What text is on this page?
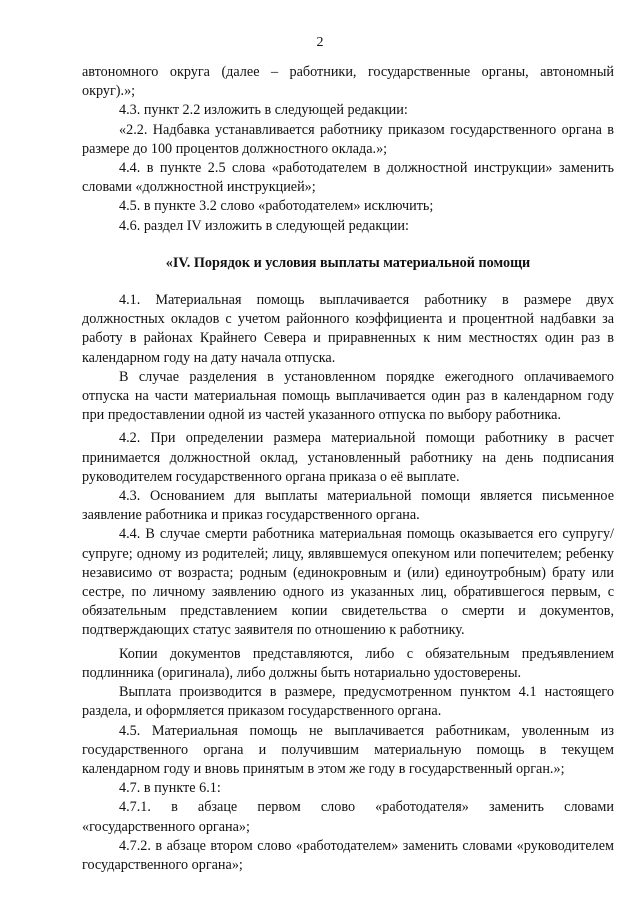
2

автономного округа (далее – работники, государственные органы, автономный округ).»;

4.3. пункт 2.2 изложить в следующей редакции:

«2.2. Надбавка устанавливается работнику приказом государственного органа в размере до 100 процентов должностного оклада.»;

4.4. в пункте 2.5 слова «работодателем в должностной инструкции» заменить словами «должностной инструкцией»;

4.5. в пункте 3.2 слово «работодателем» исключить;

4.6. раздел IV изложить в следующей редакции:

«IV. Порядок и условия выплаты материальной помощи

4.1. Материальная помощь выплачивается работнику в размере двух должностных окладов с учетом районного коэффициента и процентной надбавки за работу в районах Крайнего Севера и приравненных к ним местностях один раз в календарном году на дату начала отпуска.

В случае разделения в установленном порядке ежегодного оплачиваемого отпуска на части материальная помощь выплачивается один раз в календарном году при предоставлении одной из частей указанного отпуска по выбору работника.

4.2. При определении размера материальной помощи работнику в расчет принимается должностной оклад, установленный работнику на день подписания руководителем государственного органа приказа о её выплате.

4.3. Основанием для выплаты материальной помощи является письменное заявление работника и приказ государственного органа.

4.4. В случае смерти работника материальная помощь оказывается его супругу/супруге; одному из родителей; лицу, являвшемуся опекуном или попечителем; ребенку независимо от возраста; родным (единокровным и (или) единоутробным) брату или сестре, по личному заявлению одного из указанных лиц, обратившегося первым, с обязательным представлением копии свидетельства о смерти и документов, подтверждающих статус заявителя по отношению к работнику.

Копии документов представляются, либо с обязательным предъявлением подлинника (оригинала), либо должны быть нотариально удостоверены.

Выплата производится в размере, предусмотренном пунктом 4.1 настоящего раздела, и оформляется приказом государственного органа.

4.5. Материальная помощь не выплачивается работникам, уволенным из государственного органа и получившим материальную помощь в текущем календарном году и вновь принятым в этом же году в государственный орган.»;

4.7. в пункте 6.1:

4.7.1. в абзаце первом слово «работодателя» заменить словами «государственного органа»;

4.7.2. в абзаце втором слово «работодателем» заменить словами «руководителем государственного органа»;
